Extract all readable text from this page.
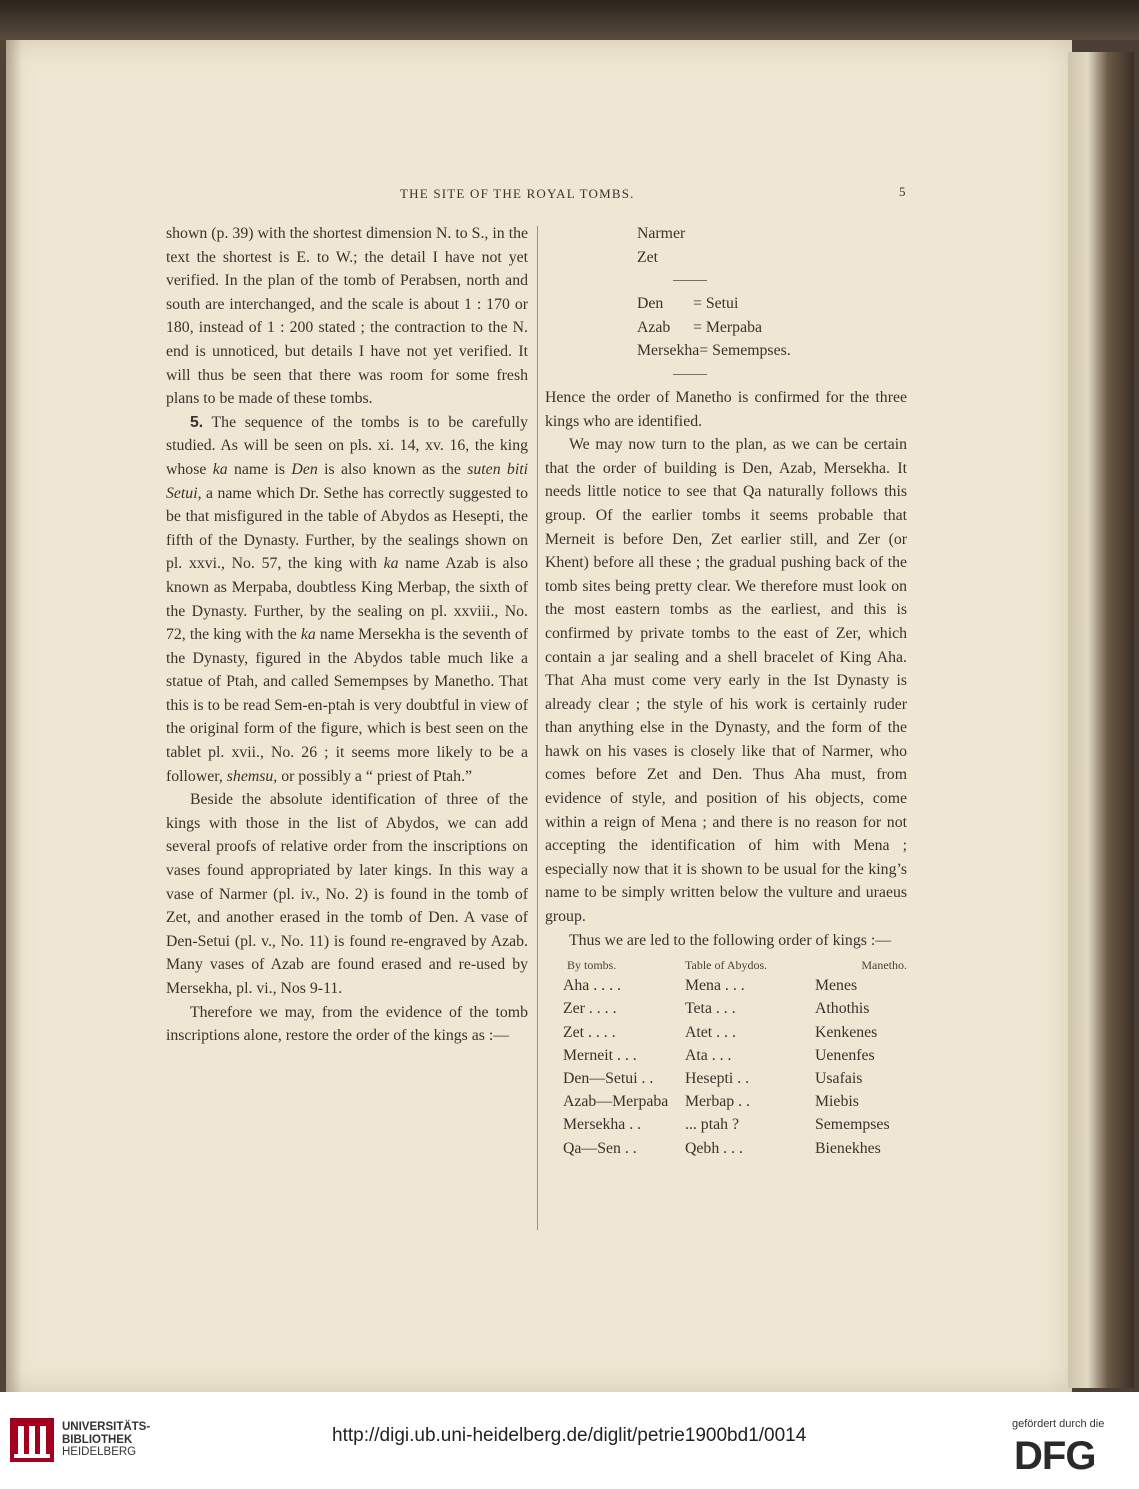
THE SITE OF THE ROYAL TOMBS.	5

shown (p. 39) with the shortest dimension N. to S., in the text the shortest is E. to W.; the detail I have not yet verified. In the plan of the tomb of Perabsen, north and south are interchanged, and the scale is about 1 : 170 or 180, instead of 1 : 200 stated ; the contraction to the N. end is unnoticed, but details I have not yet verified. It will thus be seen that there was room for some fresh plans to be made of these tombs.

5. The sequence of the tombs is to be carefully studied. As will be seen on pls. xi. 14, xv. 16, the king whose ka name is Den is also known as the suten biti Setui, a name which Dr. Sethe has correctly suggested to be that misfigured in the table of Abydos as Hesepti, the fifth of the Dynasty. Further, by the sealings shown on pl. xxvi., No. 57, the king with ka name Azab is also known as Merpaba, doubtless King Merbap, the sixth of the Dynasty. Further, by the sealing on pl. xxviii., No. 72, the king with the ka name Mersekha is the seventh of the Dynasty, figured in the Abydos table much like a statue of Ptah, and called Semempses by Manetho. That this is to be read Sem-en-ptah is very doubtful in view of the original form of the figure, which is best seen on the tablet pl. xvii., No. 26 ; it seems more likely to be a follower, shemsu, or possibly a “ priest of Ptah.”

Beside the absolute identification of three of the kings with those in the list of Abydos, we can add several proofs of relative order from the inscriptions on vases found appropriated by later kings. In this way a vase of Narmer (pl. iv., No. 2) is found in the tomb of Zet, and another erased in the tomb of Den. A vase of Den-Setui (pl. v., No. 11) is found re-engraved by Azab. Many vases of Azab are found erased and re-used by Mersekha, pl. vi., Nos 9-11.

Therefore we may, from the evidence of the tomb inscriptions alone, restore the order of the kings as :—

Narmer
Zet
Den	= Setui
Azab	= Merpaba
Mersekha = Semempses.

Hence the order of Manetho is confirmed for the three kings who are identified.

We may now turn to the plan, as we can be certain that the order of building is Den, Azab, Mersekha. It needs little notice to see that Qa naturally follows this group. Of the earlier tombs it seems probable that Merneit is before Den, Zet earlier still, and Zer (or Khent) before all these ; the gradual pushing back of the tomb sites being pretty clear. We therefore must look on the most eastern tombs as the earliest, and this is confirmed by private tombs to the east of Zer, which contain a jar sealing and a shell bracelet of King Aha. That Aha must come very early in the Ist Dynasty is already clear ; the style of his work is certainly ruder than anything else in the Dynasty, and the form of the hawk on his vases is closely like that of Narmer, who comes before Zet and Den. Thus Aha must, from evidence of style, and position of his objects, come within a reign of Mena ; and there is no reason for not accepting the identification of him with Mena ; especially now that it is shown to be usual for the king’s name to be simply written below the vulture and uraeus group.

Thus we are led to the following order of kings :—

By tombs.	Table of Abydos.	Manetho.
Aha . . . .	Mena . . .	Menes
Zer . . . .	Teta . . .	Athothis
Zet . . . .	Atet . . .	Kenkenes
Merneit . . .	Ata . . .	Uenenfes
Den—Setui . .	Hesepti . .	Usafais
Azab—Merpaba	Merbap . .	Miebis
Mersekha . .	... ptah ?	Semempses
Qa—Sen . .	Qebh . . .	Bienekhes
UNIVERSITÄTS-
BIBLIOTHEK
HEIDELBERG
http://digi.ub.uni-heidelberg.de/diglit/petrie1900bd1/0014
gefördert durch die
DFG
